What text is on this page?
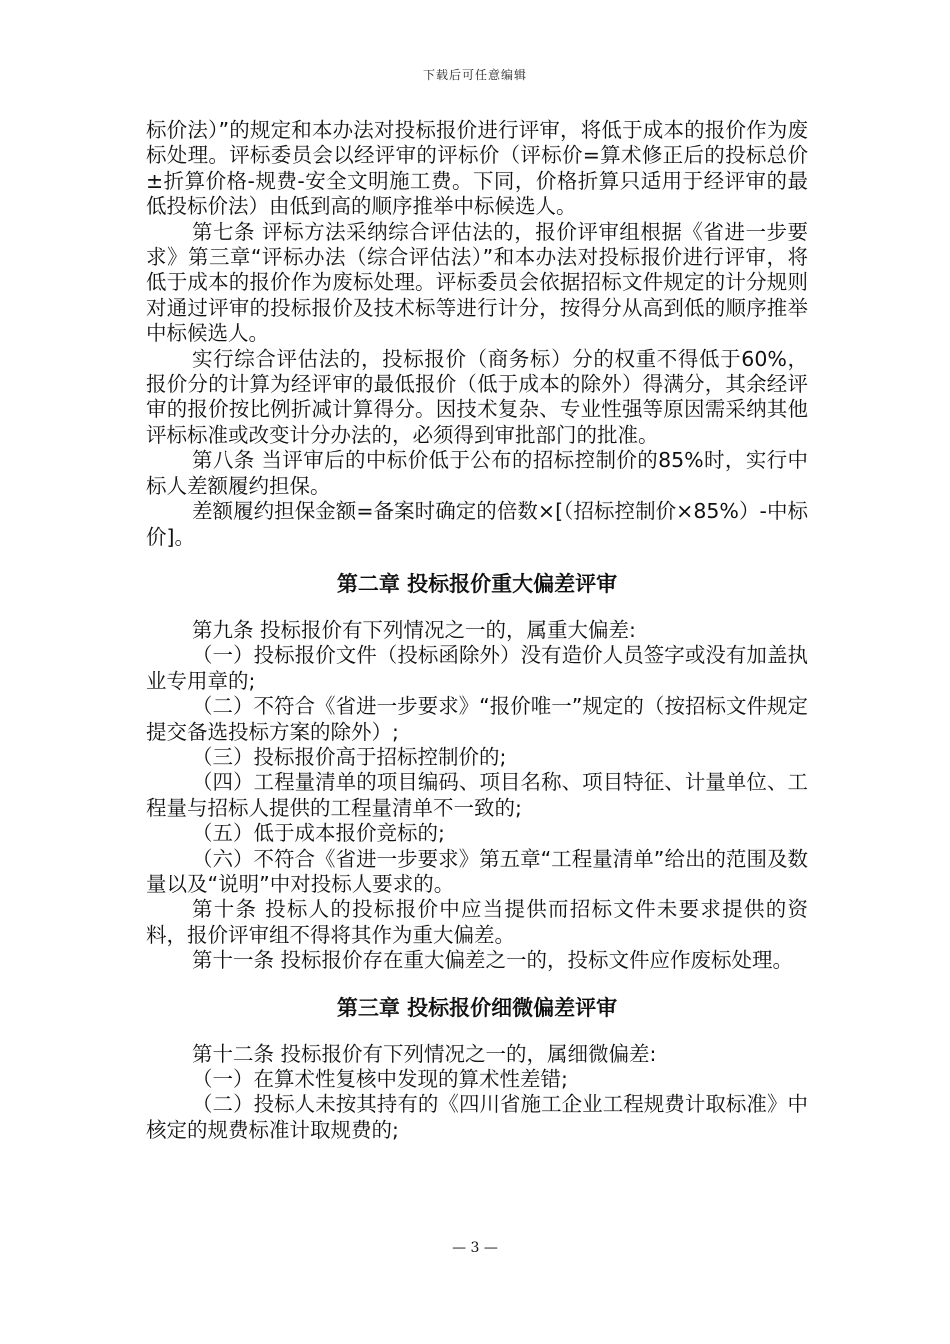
下载后可任意编辑

标价法）”的规定和本办法对投标报价进行评审，将低于成本的报价作为废标处理。评标委员会以经评审的评标价（评标价=算术修正后的投标总价±折算价格-规费-安全文明施工费。下同，价格折算只适用于经评审的最低投标价法）由低到高的顺序推举中标候选人。

第七条 评标方法采纳综合评估法的，报价评审组根据《省进一步要求》第三章“评标办法（综合评估法）”和本办法对投标报价进行评审，将低于成本的报价作为废标处理。评标委员会依据招标文件规定的计分规则对通过评审的投标报价及技术标等进行计分，按得分从高到低的顺序推举中标候选人。

实行综合评估法的，投标报价（商务标）分的权重不得低于60%，报价分的计算为经评审的最低报价（低于成本的除外）得满分，其余经评审的报价按比例折减计算得分。因技术复杂、专业性强等原因需采纳其他评标标准或改变计分办法的，必须得到审批部门的批准。

第八条 当评审后的中标价低于公布的招标控制价的85%时，实行中标人差额履约担保。

差额履约担保金额=备案时确定的倍数×[（招标控制价×85%）-中标价]。

第二章 投标报价重大偏差评审

第九条 投标报价有下列情况之一的，属重大偏差:

（一）投标报价文件（投标函除外）没有造价人员签字或没有加盖执业专用章的;

（二）不符合《省进一步要求》“报价唯一”规定的（按招标文件规定提交备选投标方案的除外）;

（三）投标报价高于招标控制价的;

（四）工程量清单的项目编码、项目名称、项目特征、计量单位、工程量与招标人提供的工程量清单不一致的;

（五）低于成本报价竞标的;

（六）不符合《省进一步要求》第五章“工程量清单”给出的范围及数量以及“说明”中对投标人要求的。

第十条 投标人的投标报价中应当提供而招标文件未要求提供的资料，报价评审组不得将其作为重大偏差。

第十一条 投标报价存在重大偏差之一的，投标文件应作废标处理。

第三章 投标报价细微偏差评审

第十二条 投标报价有下列情况之一的，属细微偏差:

（一）在算术性复核中发现的算术性差错;

（二）投标人未按其持有的《四川省施工企业工程规费计取标准》中核定的规费标准计取规费的;

— 3 —
